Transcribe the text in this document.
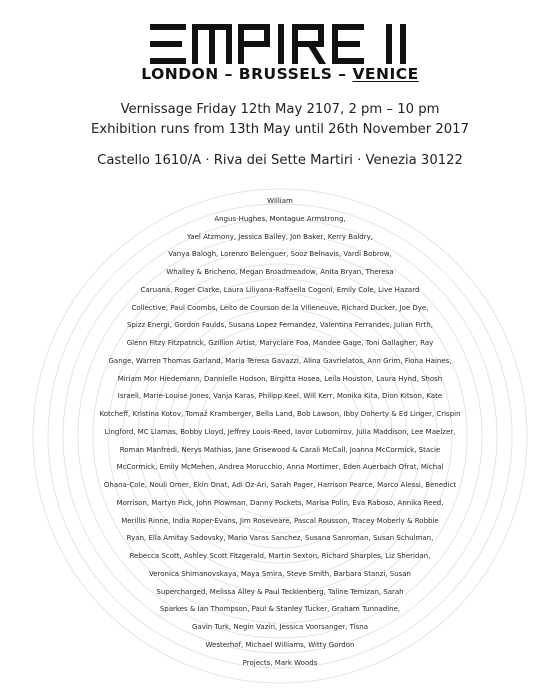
LONDON – BRUSSELS – VENICE
Vernissage Friday 12th May 2107, 2 pm – 10 pm
Exhibition runs from 13th May until 26th November 2017
Castello 1610/A · Riva dei Sette Martiri · Venezia 30122
William
Angus-Hughes, Montague Armstrong,
Yael Atzmony, Jessica Bailey, Jon Baker, Kerry Baldry,
Vanya Balogh, Lorenzo Belenguer, Sooz Belnavis, Vardi Bobrow,
Whalley & Bricheno, Megan Broadmeadow, Anita Bryan, Theresa
Caruana, Roger Clarke, Laura Liliyana-Raffaella Cogoni, Emily Cole, Live Hazard
Collective, Paul Coombs, Leito de Courson de la Villeneuve, Richard Ducker, Joe Dye,
Spizz Energi, Gordon Faulds, Susana Lopez Fernandez, Valentina Ferrandes, Julian Firth,
Glenn Fitzy Fitzpatrick, Gzillion Artist, Maryclare Foa, Mandee Gage, Toni Gallagher, Ray
Gange, Warren Thomas Garland, Maria Teresa Gavazzi, Alina Gavrielatos, Ann Grim, Fiona Haines,
Miriam Mor Hiedemann, Dannielle Hodson, Birgitta Hosea, Leila Houston, Laura Hynd, Shosh
Israeli, Marie-Louise Jones, Vanja Karas, Philipp Keel, Will Kerr, Monika Kita, Dion Kitson, Kate
Kotcheff, Kristina Kotov, Tomaž Kramberger, Bella Land, Bob Lawson, Ibby Doherty & Ed Linger, Crispin
Lingford, MC Llamas, Bobby Lloyd, Jeffrey Louis-Reed, Iavor Lubomirov, Julia Maddison, Lee Maelzer,
Roman Manfredi, Nerys Mathias, Jane Grisewood & Carali McCall, Joanna McCormick, Stacie
McCormick, Emily McMehen, Andrea Morucchio, Anna Mortimer, Eden Auerbach Ofrat, Michal
Ohana-Cole, Nouli Omer, Ekin Onat, Adi Oz-Ari, Sarah Pager, Harrison Pearce, Marco Alessi, Benedict
Morrison, Martyn Pick, John Plowman, Danny Pockets, Marisa Polin, Eva Raboso, Annika Reed,
Merillis Rinne, India Roper-Evans, Jim Roseveare, Pascal Rousson, Tracey Moberly & Robbie
Ryan, Ella Amitay Sadovsky, Mario Varas Sanchez, Susana Sanroman, Susan Schulman,
Rebecca Scott, Ashley Scott Fitzgerald, Martin Sexton, Richard Sharples, Liz Sheridan,
Veronica Shimanovskaya, Maya Smira, Steve Smith, Barbara Stanzi, Susan
Supercharged, Melissa Alley & Paul Tecklenberg, Taline Temizan, Sarah
Sparkes & Ian Thompson, Paul & Stanley Tucker, Graham Tunnadine,
Gavin Turk, Negin Vaziri, Jessica Voorsanger, Tisna
Westerhof, Michael Williams, Witty Gordon
Projects, Mark Woods
